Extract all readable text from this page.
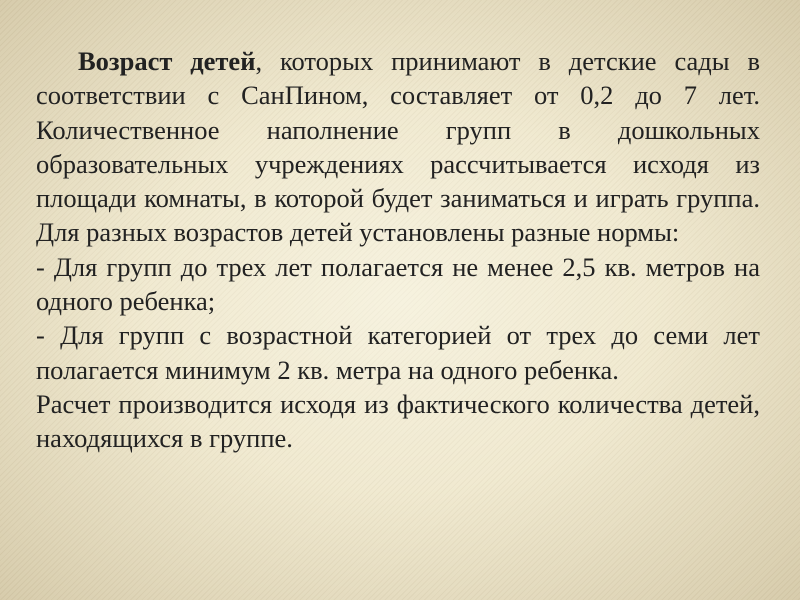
Возраст детей, которых принимают в детские сады в соответствии с СанПином, составляет от 0,2 до 7 лет. Количественное наполнение групп в дошкольных образовательных учреждениях рассчитывается исходя из площади комнаты, в которой будет заниматься и играть группа. Для разных возрастов детей установлены разные нормы:

- Для групп до трех лет полагается не менее 2,5 кв. метров на одного ребенка;

- Для групп с возрастной категорией от трех до семи лет полагается минимум 2 кв. метра на одного ребенка.

Расчет производится исходя из фактического количества детей, находящихся в группе.
